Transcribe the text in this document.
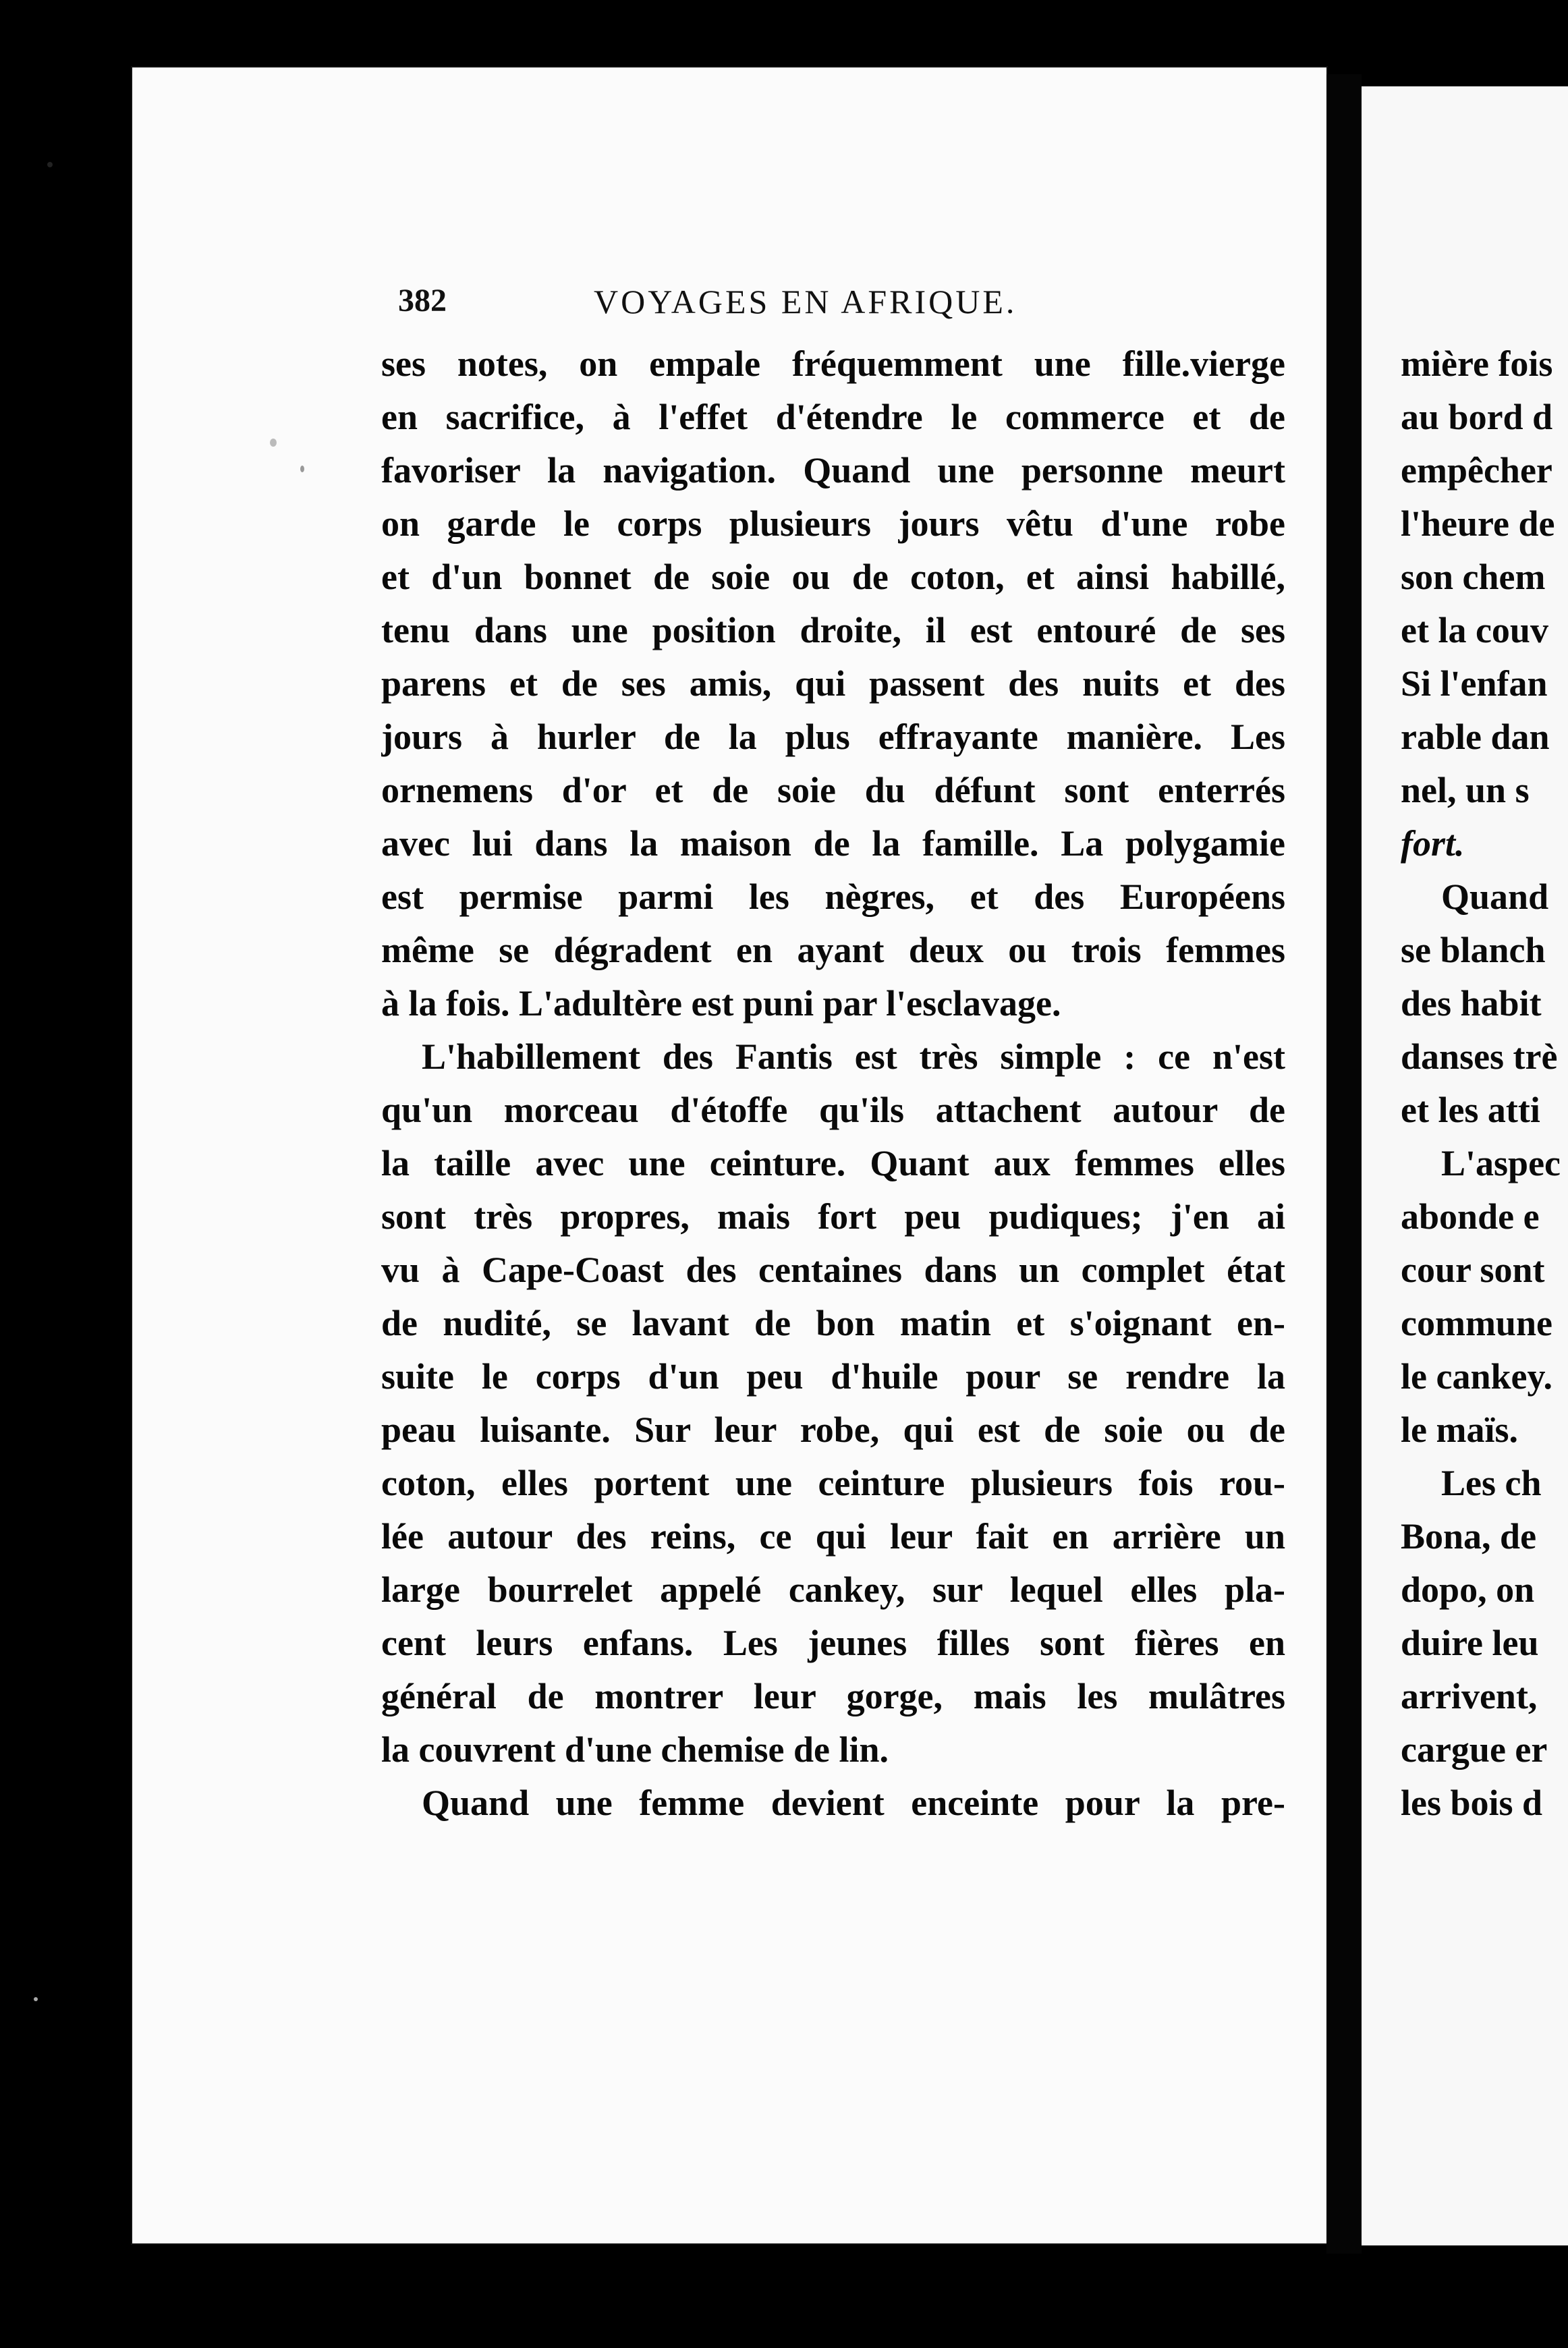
382	VOYAGES EN AFRIQUE.
ses notes, on empale fréquemment une fille.vierge
en sacrifice, à l'effet d'étendre le commerce et de
favoriser la navigation. Quand une personne meurt
on garde le corps plusieurs jours vêtu d'une robe
et d'un bonnet de soie ou de coton, et ainsi habillé,
tenu dans une position droite, il est entouré de ses
parens et de ses amis, qui passent des nuits et des
jours à hurler de la plus effrayante manière. Les
ornemens d'or et de soie du défunt sont enterrés
avec lui dans la maison de la famille. La polygamie
est permise parmi les nègres, et des Européens
même se dégradent en ayant deux ou trois femmes
à la fois. L'adultère est puni par l'esclavage.
L'habillement des Fantis est très simple : ce n'est
qu'un morceau d'étoffe qu'ils attachent autour de
la taille avec une ceinture. Quant aux femmes elles
sont très propres, mais fort peu pudiques; j'en ai
vu à Cape-Coast des centaines dans un complet état
de nudité, se lavant de bon matin et s'oignant en-
suite le corps d'un peu d'huile pour se rendre la
peau luisante. Sur leur robe, qui est de soie ou de
coton, elles portent une ceinture plusieurs fois rou-
lée autour des reins, ce qui leur fait en arrière un
large bourrelet appelé cankey, sur lequel elles pla-
cent leurs enfans. Les jeunes filles sont fières en
général de montrer leur gorge, mais les mulâtres
la couvrent d'une chemise de lin.
Quand une femme devient enceinte pour la pre-
mière fois
au bord d
empêcher
l'heure de
son chem
et la couv
Si l'enfan
rable dan
nel, un s
fort.
Quand
se blanch
des habit
danses trè
et les atti
L'aspec
abonde e
cour sont
commune
le cankey.
le maïs.
Les ch
Bona, de
dopo, on
duire leu
arrivent,
cargue er
les bois d
